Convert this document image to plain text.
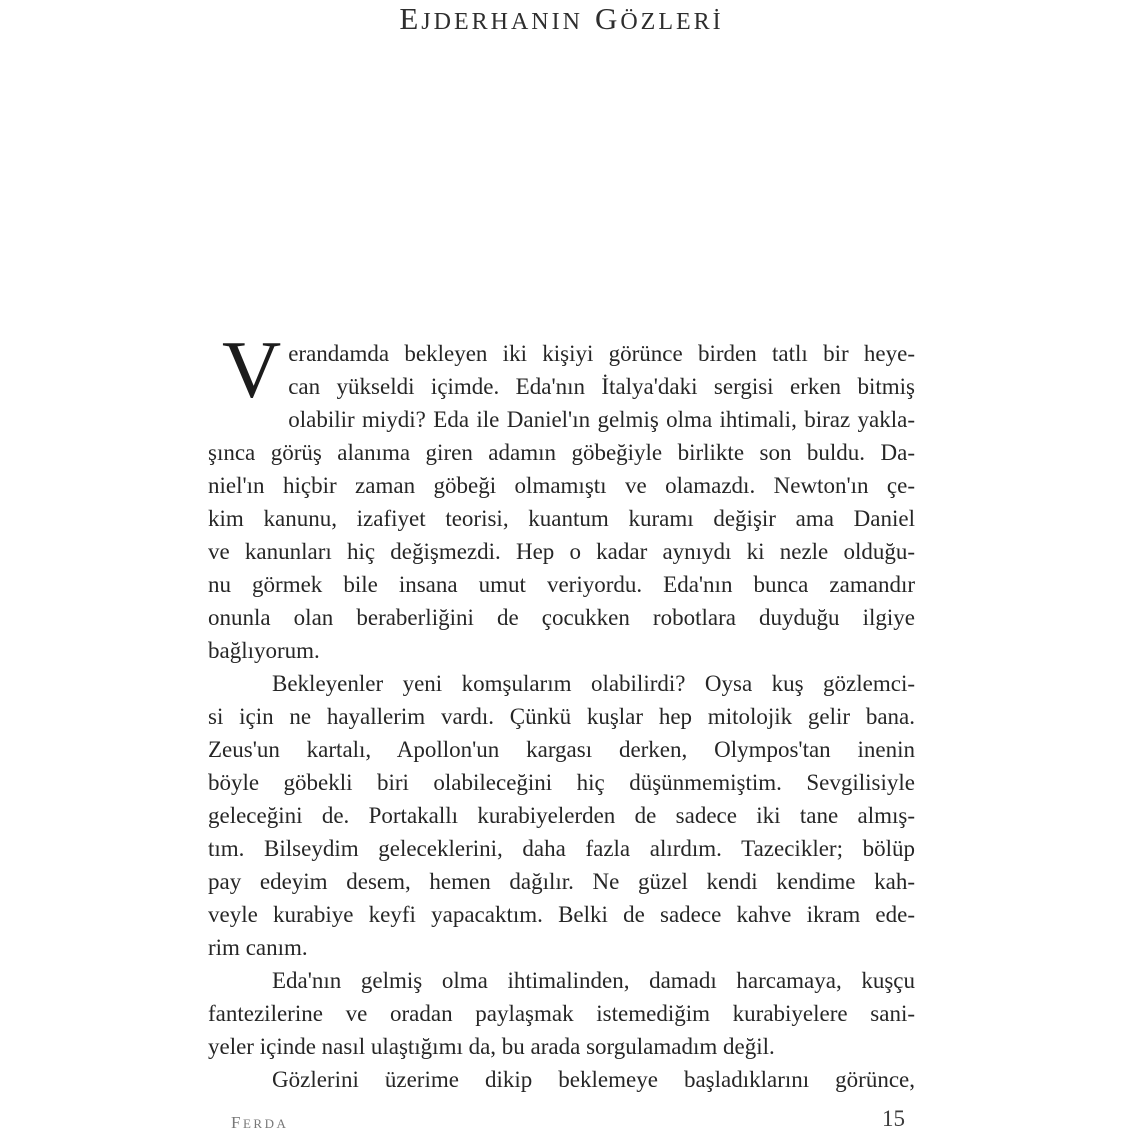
EJDERHANIN GÖZLERİ
V erandamda bekleyen iki kişiyi görünce birden tatlı bir heye-
can yükseldi içimde. Eda'nın İtalya'daki sergisi erken bitmiş
olabilir miydi? Eda ile Daniel'ın gelmiş olma ihtimali, biraz yakla-
şınca görüş alanıma giren adamın göbeğiyle birlikte son buldu. Da-
niel'ın hiçbir zaman göbeği olmamıştı ve olamazdı. Newton'ın çe-
kim kanunu, izafiyet teorisi, kuantum kuramı değişir ama Daniel
ve kanunları hiç değişmezdi. Hep o kadar aynıydı ki nezle olduğu-
nu görmek bile insana umut veriyordu. Eda'nın bunca zamandır
onunla olan beraberliğini de çocukken robotlara duyduğu ilgiye
bağlıyorum.
Bekleyenler yeni komşularım olabilirdi? Oysa kuş gözlemci-
si için ne hayallerim vardı. Çünkü kuşlar hep mitolojik gelir bana.
Zeus'un kartalı, Apollon'un kargası derken, Olympos'tan inenin
böyle göbekli biri olabileceğini hiç düşünmemiştim. Sevgilisiyle
geleceğini de. Portakallı kurabiyelerden de sadece iki tane almış-
tım. Bilseydim geleceklerini, daha fazla alırdım. Tazecikler; bölüp
pay edeyim desem, hemen dağılır. Ne güzel kendi kendime kah-
veyle kurabiye keyfi yapacaktım. Belki de sadece kahve ikram ede-
rim canım.
Eda'nın gelmiş olma ihtimalinden, damadı harcamaya, kuşçu
fantezilerine ve oradan paylaşmak istemediğim kurabiyelere sani-
yeler içinde nasıl ulaştığımı da, bu arada sorgulamadım değil.
Gözlerini üzerime dikip beklemeye başladıklarını görünce,
FERDA	15
